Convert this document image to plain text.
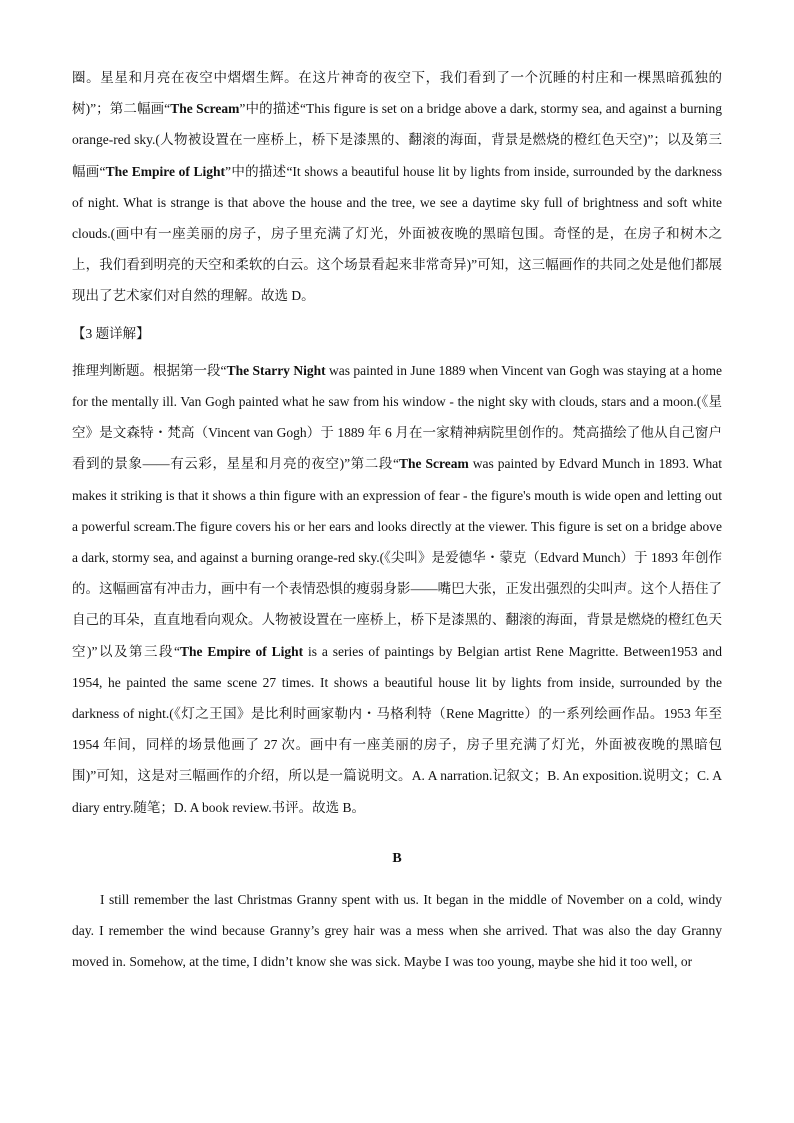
圈。星星和月亮在夜空中熠熠生辉。在这片神奇的夜空下，我们看到了一个沉睡的村庄和一棵黑暗孤独的树)”；第二幅画“The Scream”中的描述“This figure is set on a bridge above a dark, stormy sea, and against a burning orange-red sky.(人物被设置在一座桥上，桥下是漆黑的、翻滚的海面，背景是燃烧的橙红色天空)”；以及第三幅画“The Empire of Light”中的描述“It shows a beautiful house lit by lights from inside, surrounded by the darkness of night. What is strange is that above the house and the tree, we see a daytime sky full of brightness and soft white clouds.(画中有一座美丽的房子，房子里充满了灯光，外面被夜晚的黑暗包围。奇怪的是，在房子和树木之上，我们看到明亮的天空和柔软的白云。这个场景看起来非常奇异)”可知，这三幅画作的共同之处是他们都展现出了艺术家们对自然的理解。故选 D。

【3 题详解】

推理判断题。根据第一段“The Starry Night was painted in June 1889 when Vincent van Gogh was staying at a home for the mentally ill. Van Gogh painted what he saw from his window - the night sky with clouds, stars and a moon.(《星空》是文森特・梵高（Vincent van Gogh）于 1889 年 6 月在一家精神病院里创作的。梵高描绘了他从自己窗户看到的景象——有云彩，星星和月亮的夜空)”第二段“The Scream was painted by Edvard Munch in 1893. What makes it striking is that it shows a thin figure with an expression of fear - the figure's mouth is wide open and letting out a powerful scream.The figure covers his or her ears and looks directly at the viewer. This figure is set on a bridge above a dark, stormy sea, and against a burning orange-red sky.(《尖叫》是爱德华・蒙克（Edvard Munch）于 1893 年创作的。这幅画富有冲击力，画中有一个表情恐惧的瘦弱身影——嘴巴大张，正发出强烈的尖叫声。这个人捂住了自己的耳朵，直直地看向观众。人物被设置在一座桥上，桥下是漆黑的、翻滚的海面，背景是燃烧的橙红色天空)”以及第三段“The Empire of Light is a series of paintings by Belgian artist Rene Magritte. Between1953 and 1954, he painted the same scene 27 times. It shows a beautiful house lit by lights from inside, surrounded by the darkness of night.(《灯之王国》是比利时画家勒内・马格利特（Rene Magritte）的一系列绘画作品。1953 年至 1954 年间，同样的场景他画了 27 次。画中有一座美丽的房子，房子里充满了灯光，外面被夜晚的黑暗包围)”可知，这是对三幅画作的介绍，所以是一篇说明文。A. A narration.记叙文；B. An exposition.说明文；C. A diary entry.随笔；D. A book review.书评。故选 B。

B

I still remember the last Christmas Granny spent with us. It began in the middle of November on a cold, windy day. I remember the wind because Granny’s grey hair was a mess when she arrived. That was also the day Granny moved in. Somehow, at the time, I didn’t know she was sick. Maybe I was too young, maybe she hid it too well, or
